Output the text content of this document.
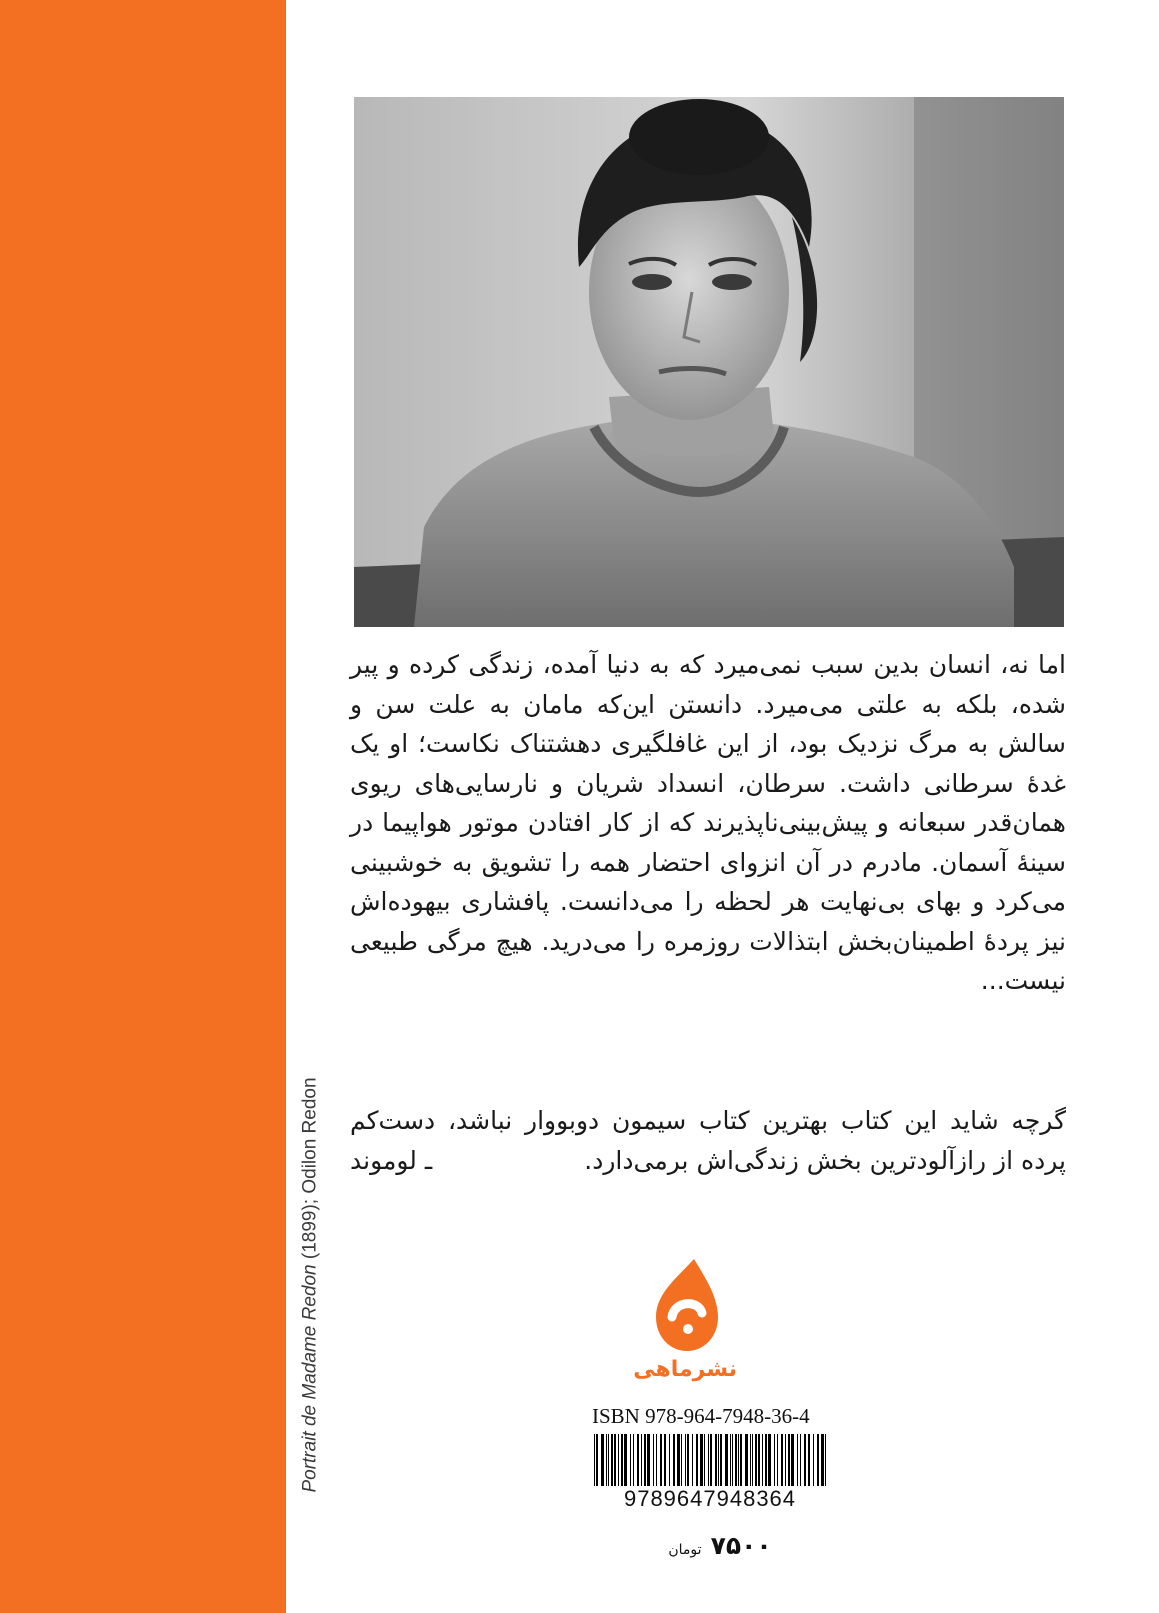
Portrait de Madame Redon (1899); Odilon Redon
اما نه، انسان بدین سبب نمی‌میرد که به دنیا آمده، زندگی کرده و پیر شده، بلکه به علتی می‌میرد. دانستن این‌که مامان به علت سن و سالش به مرگ نزدیک بود، از این غافلگیری دهشتناک نکاست؛ او یک غدهٔ سرطانی داشت. سرطان، انسداد شریان و نارسایی‌های ریوی همان‌قدر سبعانه و پیش‌بینی‌ناپذیرند که از کار افتادن موتور هواپیما در سینهٔ آسمان. مادرم در آن انزوای احتضار همه را تشویق به خوشبینی می‌کرد و بهای بی‌نهایت هر لحظه را می‌دانست. پافشاری بیهوده‌اش نیز پردهٔ اطمینان‌بخش ابتذالات روزمره را می‌درید. هیچ مرگی طبیعی نیست...
گرچه شاید این کتاب بهترین کتاب سیمون دوبووار نباشد، دست‌کم پرده از رازآلودترین بخش زندگی‌اش برمی‌دارد.
ـ لوموند
نشرماهی
ISBN 978-964-7948-36-4
9789647948364
۷۵۰۰ تومان
